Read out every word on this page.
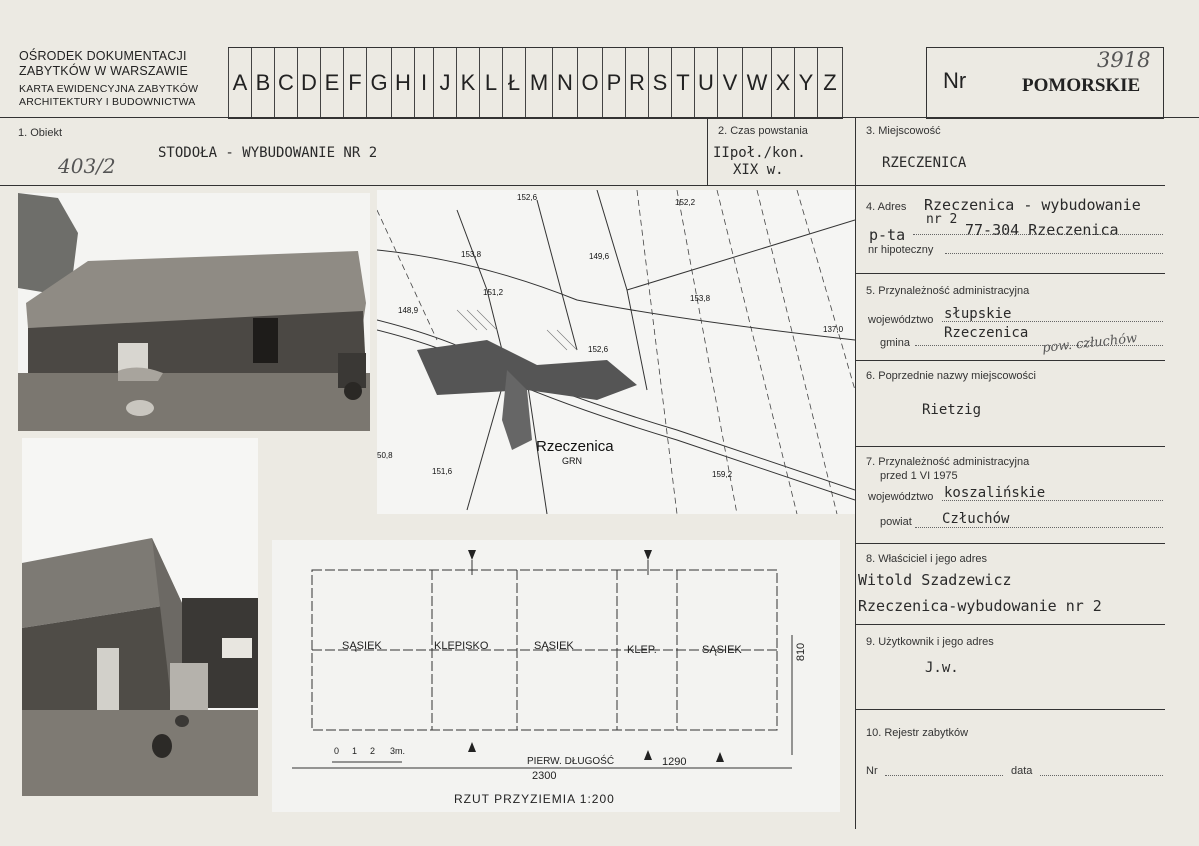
OŚRODEK DOKUMENTACJI
ZABYTKÓW W WARSZAWIE
KARTA EWIDENCYJNA ZABYTKÓW
ARCHITEKTURY I BUDOWNICTWA
A B C D E F G H I J K L Ł M N O P R S T U V W X Y Z	Nr
3918
POMORSKIE
1. Obiekt
403/2
STODOŁA - WYBUDOWANIE NR 2
2. Czas powstania
IIpoł./kon.
XIX w.
3. Miejscowość
RZECZENICA
4. Adres Rzeczenica - wybudowanie
nr 2
p-ta	77-304 Rzeczenica
nr hipoteczny
5. Przynależność administracyjna
województwo słupskie
gmina
Rzeczenica pow. człuchów
6. Poprzednie nazwy miejscowości
Rietzig
7. Przynależność administracyjna
przed 1 VI 1975
województwo koszalińskie
powiat Człuchów
8. Właściciel i jego adres
Witold Szadzewicz
Rzeczenica-wybudowanie nr 2
9. Użytkownik i jego adres
J.w.
10. Rejestr zabytków
Nr	data
Rzeczenica
GRN
152,6
152,2
153,8	149,6
151,2
153,8
148,9
137,0
152,6
50,8
151,6	159,2
SĄSIEK	KLEPISKO	SĄSIEK	KLEP.	SĄSIEK	810
2300
PIERW. DŁUGOŚĆ	1290
0 1 2 3m.
RZUT PRZYZIEMIA 1:200
